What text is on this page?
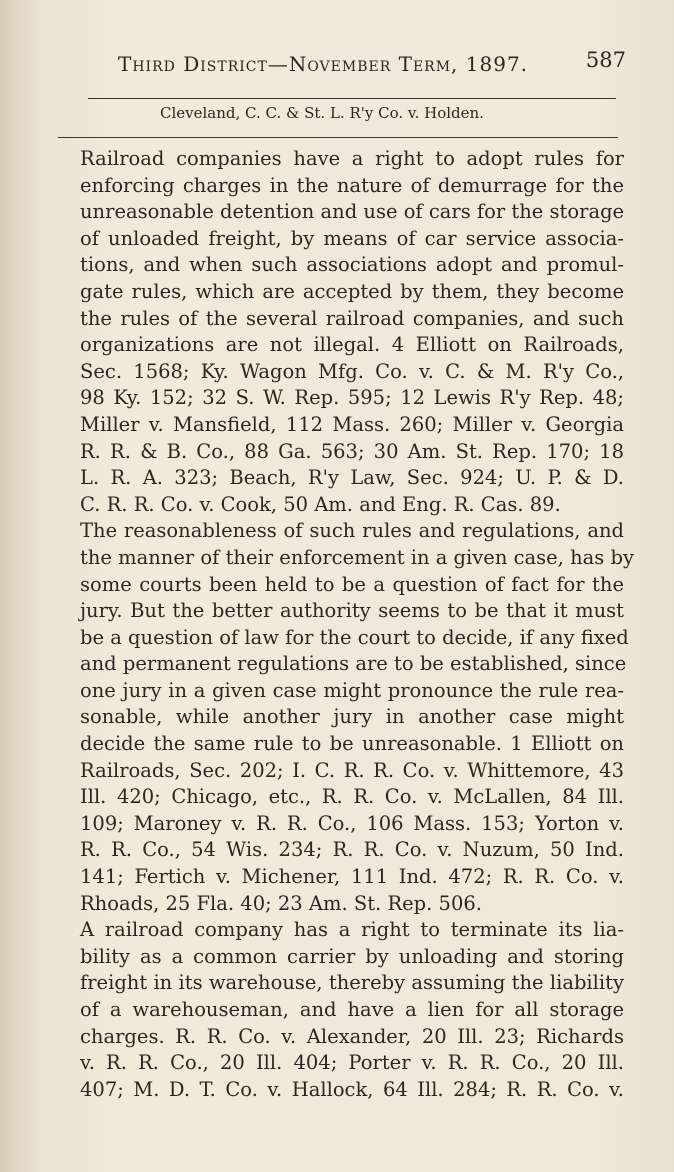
Third District—November Term, 1897.	587
Cleveland, C. C. & St. L. R'y Co. v. Holden.

Railroad companies have a right to adopt rules for
enforcing charges in the nature of demurrage for the
unreasonable detention and use of cars for the storage
of unloaded freight, by means of car service associa-
tions, and when such associations adopt and promul-
gate rules, which are accepted by them, they become
the rules of the several railroad companies, and such
organizations are not illegal. 4 Elliott on Railroads,
Sec. 1568; Ky. Wagon Mfg. Co. v. C. & M. R'y Co.,
98 Ky. 152; 32 S. W. Rep. 595; 12 Lewis R'y Rep. 48;
Miller v. Mansfield, 112 Mass. 260; Miller v. Georgia
R. R. & B. Co., 88 Ga. 563; 30 Am. St. Rep. 170; 18
L. R. A. 323; Beach, R'y Law, Sec. 924; U. P. & D.
C. R. R. Co. v. Cook, 50 Am. and Eng. R. Cas. 89.

The reasonableness of such rules and regulations, and
the manner of their enforcement in a given case, has by
some courts been held to be a question of fact for the
jury. But the better authority seems to be that it must
be a question of law for the court to decide, if any fixed
and permanent regulations are to be established, since
one jury in a given case might pronounce the rule rea-
sonable, while another jury in another case might
decide the same rule to be unreasonable. 1 Elliott on
Railroads, Sec. 202; I. C. R. R. Co. v. Whittemore, 43
Ill. 420; Chicago, etc., R. R. Co. v. McLallen, 84 Ill.
109; Maroney v. R. R. Co., 106 Mass. 153; Yorton v.
R. R. Co., 54 Wis. 234; R. R. Co. v. Nuzum, 50 Ind.
141; Fertich v. Michener, 111 Ind. 472; R. R. Co. v.
Rhoads, 25 Fla. 40; 23 Am. St. Rep. 506.

A railroad company has a right to terminate its lia-
bility as a common carrier by unloading and storing
freight in its warehouse, thereby assuming the liability
of a warehouseman, and have a lien for all storage
charges. R. R. Co. v. Alexander, 20 Ill. 23; Richards
v. R. R. Co., 20 Ill. 404; Porter v. R. R. Co., 20 Ill.
407; M. D. T. Co. v. Hallock, 64 Ill. 284; R. R. Co. v.
